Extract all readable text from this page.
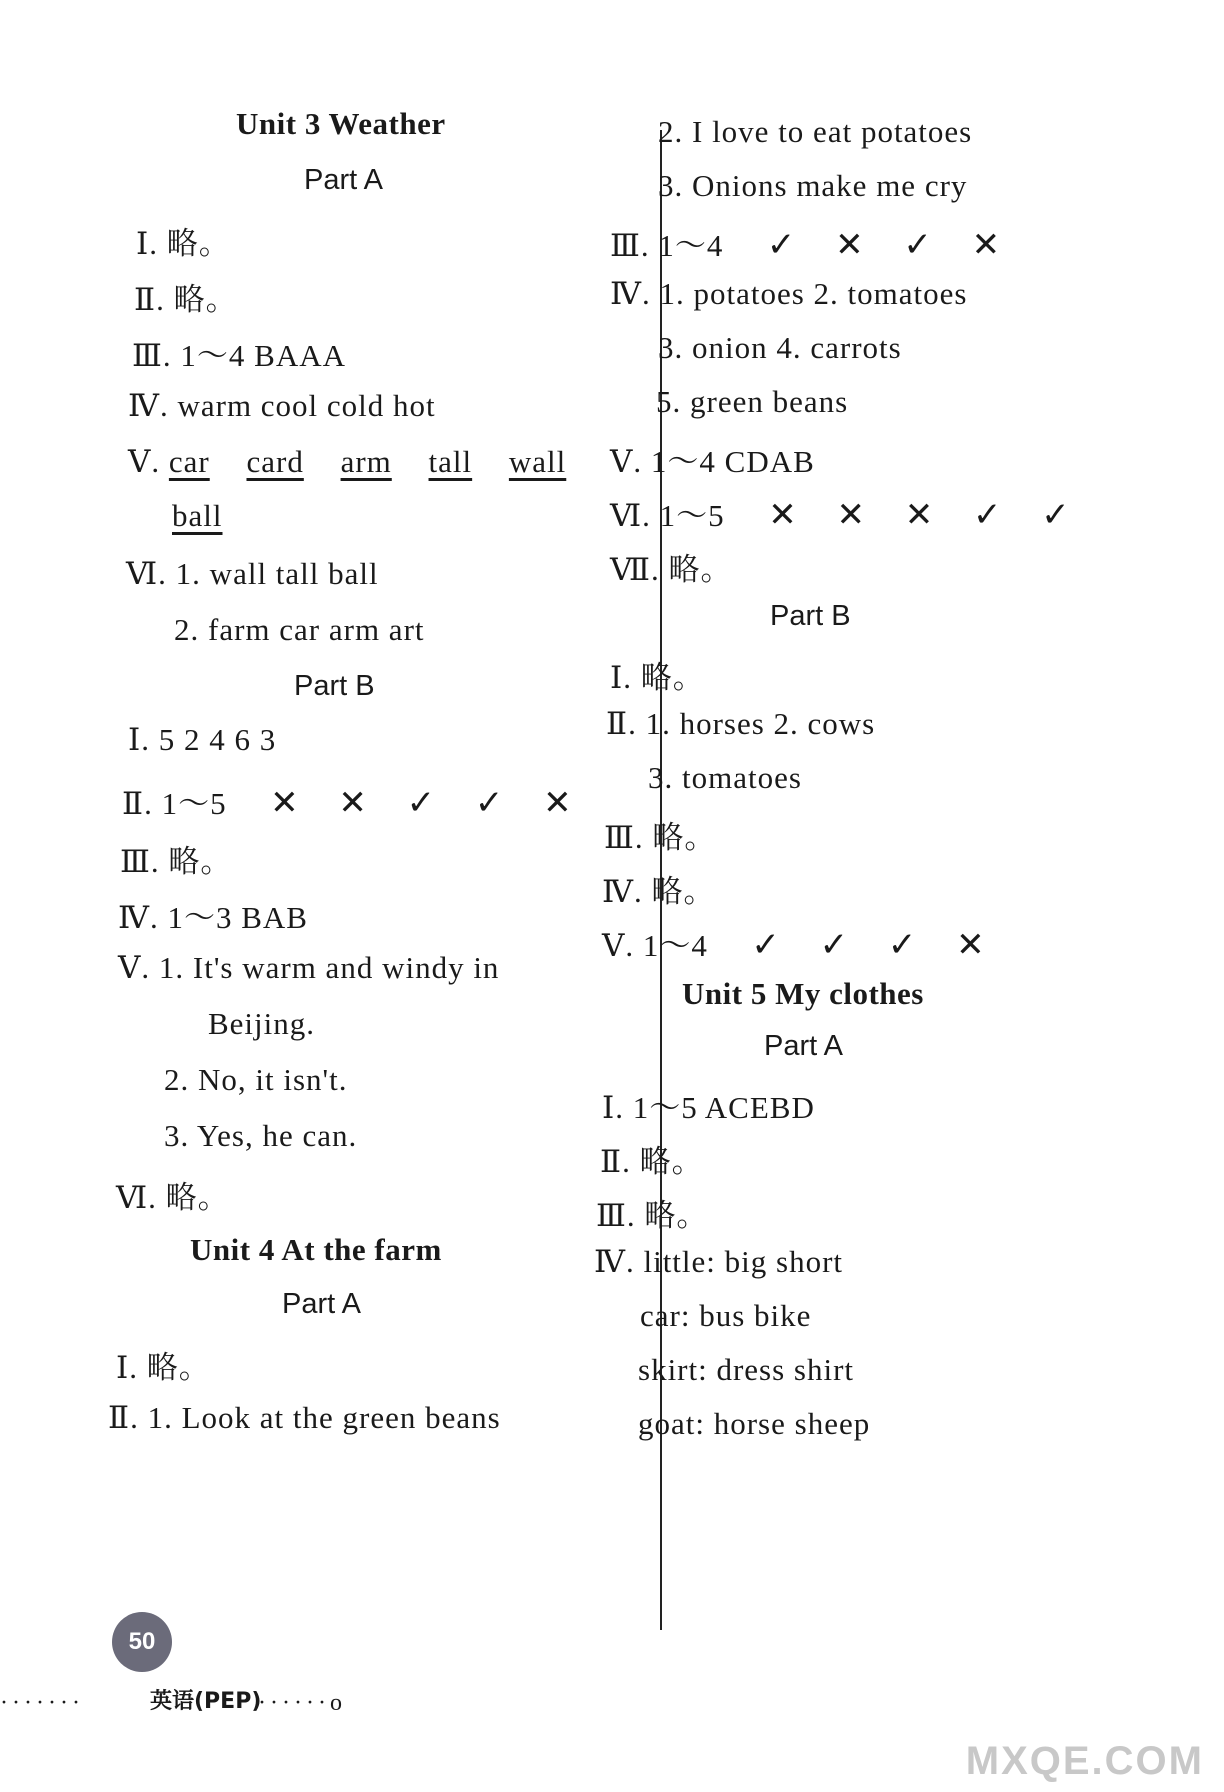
Unit 3 Weather
Part A
Ⅰ. 略。
Ⅱ. 略。
Ⅲ. 1～4 BAAA
Ⅳ. warm cool cold hot
Ⅴ. car card arm tall wall
ball
Ⅵ. 1. wall tall ball
2. farm car arm art
Part B
Ⅰ. 5 2 4 6 3
Ⅱ. 1～5 ✕ ✕ ✓ ✓ ✕
Ⅲ. 略。
Ⅳ. 1～3 BAB
Ⅴ. 1. It's warm and windy in
Beijing.
2. No, it isn't.
3. Yes, he can.
Ⅵ. 略。
Unit 4 At the farm
Part A
Ⅰ. 略。
Ⅱ. 1. Look at the green beans
2. I love to eat potatoes
3. Onions make me cry
Ⅲ. 1～4 ✓ ✕ ✓ ✕
Ⅳ. 1. potatoes 2. tomatoes
3. onion 4. carrots
5. green beans
Ⅴ. 1～4 CDAB
Ⅵ. 1～5 ✕ ✕ ✕ ✓ ✓
Ⅶ. 略。
Part B
Ⅰ. 略。
Ⅱ. 1. horses 2. cows
3. tomatoes
Ⅲ. 略。
Ⅳ. 略。
Ⅴ. 1～4 ✓ ✓ ✓ ✕
Unit 5 My clothes
Part A
Ⅰ. 1～5 ACEBD
Ⅱ. 略。
Ⅲ. 略。
Ⅳ. little: big short
car: bus bike
skirt: dress shirt
goat: horse sheep
·······
50
英语(PEP)
······o
MXQE.COM
